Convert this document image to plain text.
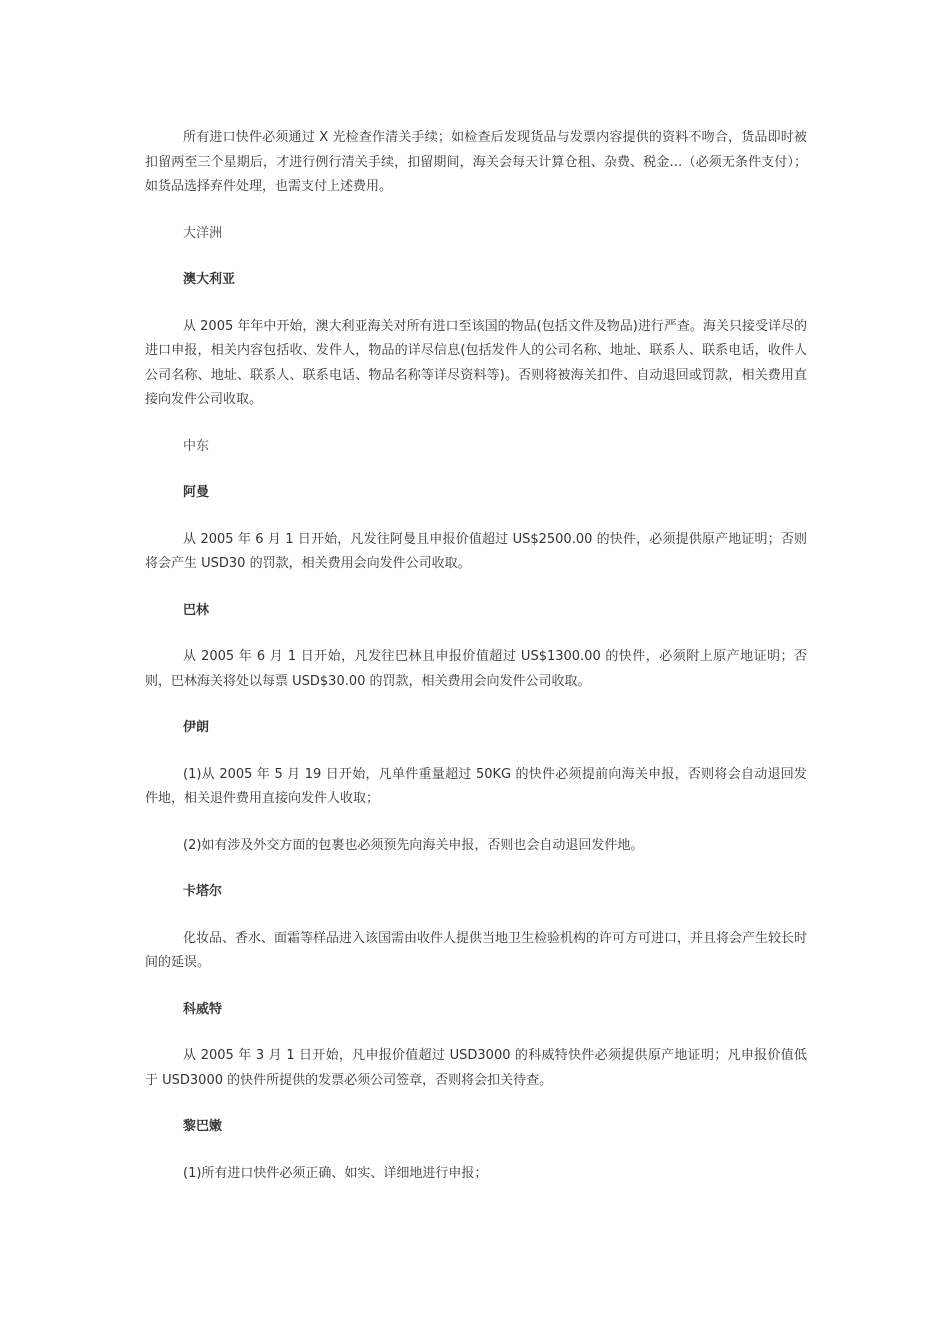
所有进口快件必须通过 X 光检查作清关手续；如检查后发现货品与发票内容提供的资料不吻合，货品即时被扣留两至三个星期后，才进行例行清关手续，扣留期间，海关会每天计算仓租、杂费、税金…（必须无条件支付）；如货品选择弃件处理，也需支付上述费用。

大洋洲

澳大利亚

从 2005 年年中开始，澳大利亚海关对所有进口至该国的物品(包括文件及物品)进行严查。海关只接受详尽的进口申报，相关内容包括收、发件人，物品的详尽信息(包括发件人的公司名称、地址、联系人、联系电话，收件人公司名称、地址、联系人、联系电话、物品名称等详尽资料等)。否则将被海关扣件、自动退回或罚款，相关费用直接向发件公司收取。

中东

阿曼

从 2005 年 6 月 1 日开始，凡发往阿曼且申报价值超过 US$2500.00 的快件，必须提供原产地证明；否则将会产生 USD30 的罚款，相关费用会向发件公司收取。

巴林

从 2005 年 6 月 1 日开始，凡发往巴林且申报价值超过 US$1300.00 的快件，必须附上原产地证明；否则，巴林海关将处以每票 USD$30.00 的罚款，相关费用会向发件公司收取。

伊朗

(1)从 2005 年 5 月 19 日开始，凡单件重量超过 50KG 的快件必须提前向海关申报，否则将会自动退回发件地，相关退件费用直接向发件人收取；

(2)如有涉及外交方面的包裹也必须预先向海关申报，否则也会自动退回发件地。

卡塔尔

化妆品、香水、面霜等样品进入该国需由收件人提供当地卫生检验机构的许可方可进口，并且将会产生较长时间的延误。

科威特

从 2005 年 3 月 1 日开始，凡申报价值超过 USD3000 的科威特快件必须提供原产地证明；凡申报价值低于 USD3000 的快件所提供的发票必须公司签章，否则将会扣关待查。

黎巴嫩

(1)所有进口快件必须正确、如实、详细地进行申报；
